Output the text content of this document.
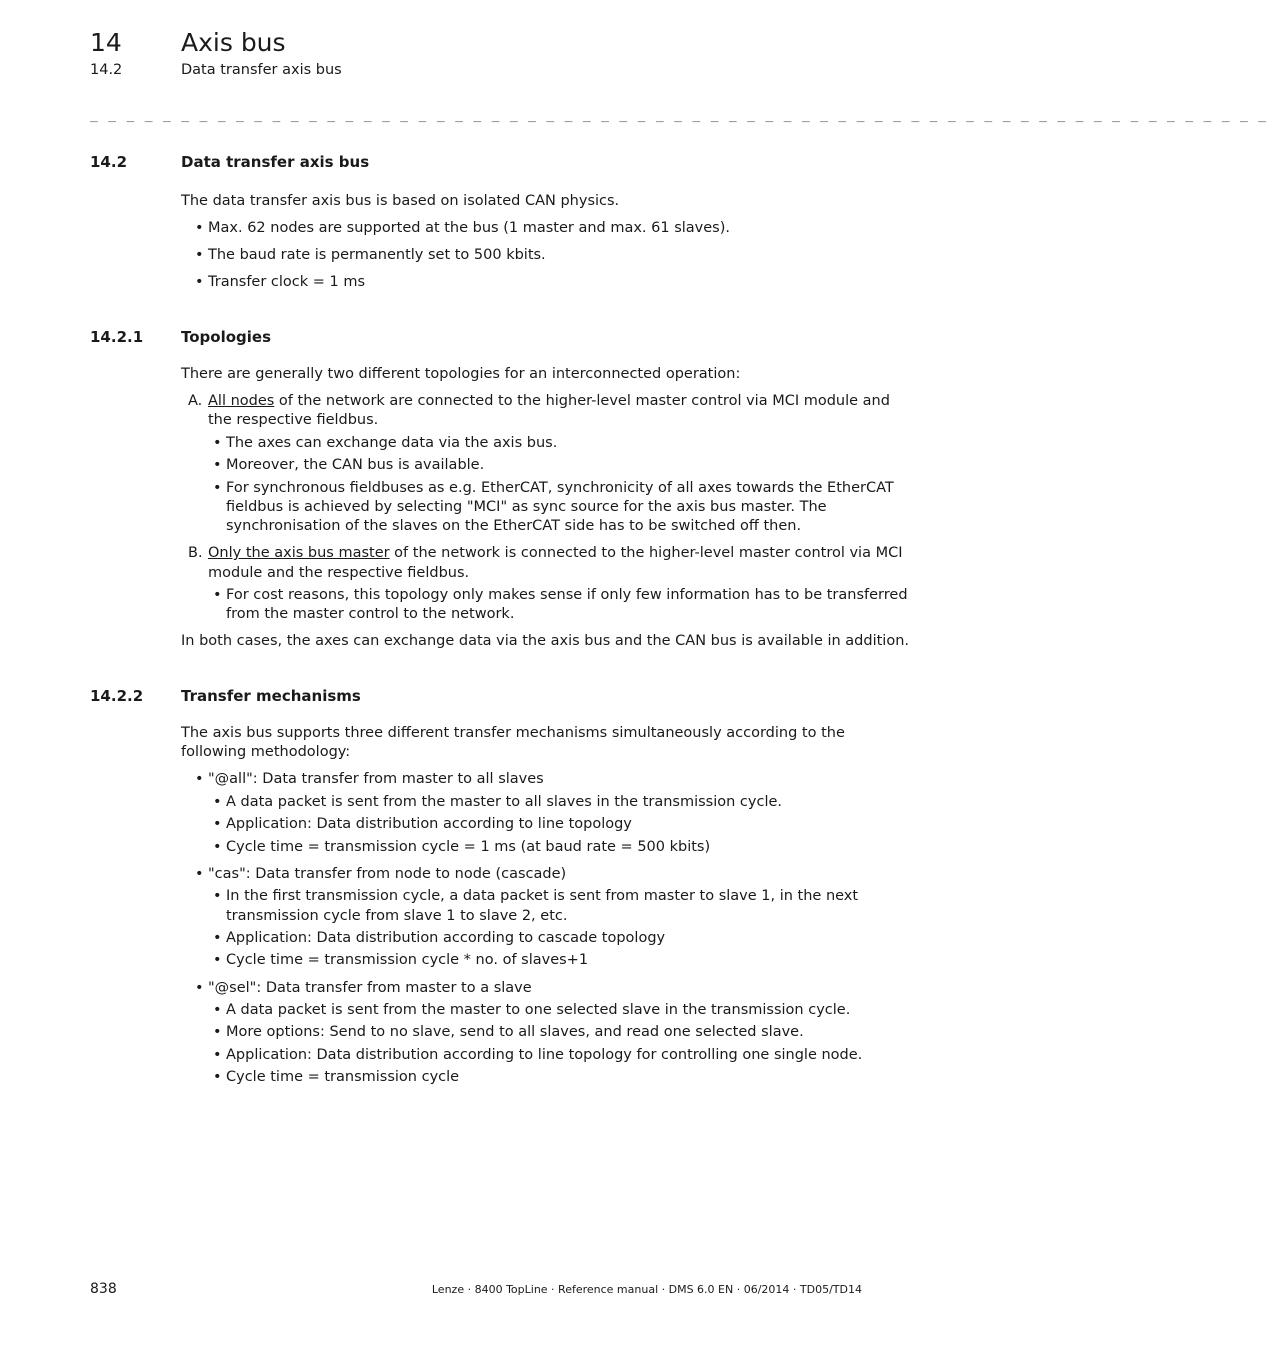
14 Axis bus
14.2	Data transfer axis bus
_ _ _ _ _ _ _ _ _ _ _ _ _ _ _ _ _ _ _ _ _ _ _ _ _ _ _ _ _ _ _ _ _ _ _ _ _ _ _ _ _ _ _ _ _ _ _ _ _ _ _ _ _ _ _ _ _ _ _ _ _ _ _ _ _
14.2	Data transfer axis bus
The data transfer axis bus is based on isolated CAN physics.
• Max. 62 nodes are supported at the bus (1 master and max. 61 slaves).
• The baud rate is permanently set to 500 kbits.
• Transfer clock = 1 ms
14.2.1	Topologies
There are generally two different topologies for an interconnected operation:
A. All nodes of the network are connected to the higher-level master control via MCI module and
the respective fieldbus.
• The axes can exchange data via the axis bus.
• Moreover, the CAN bus is available.
• For synchronous fieldbuses as e.g. EtherCAT, synchronicity of all axes towards the EtherCAT
fieldbus is achieved by selecting "MCI" as sync source for the axis bus master. The
synchronisation of the slaves on the EtherCAT side has to be switched off then.
B. Only the axis bus master of the network is connected to the higher-level master control via MCI
module and the respective fieldbus.
• For cost reasons, this topology only makes sense if only few information has to be transferred
from the master control to the network.
In both cases, the axes can exchange data via the axis bus and the CAN bus is available in addition.
14.2.2	Transfer mechanisms
The axis bus supports three different transfer mechanisms simultaneously according to the
following methodology:
• "@all": Data transfer from master to all slaves
• A data packet is sent from the master to all slaves in the transmission cycle.
• Application: Data distribution according to line topology
• Cycle time = transmission cycle = 1 ms (at baud rate = 500 kbits)
• "cas": Data transfer from node to node (cascade)
• In the first transmission cycle, a data packet is sent from master to slave 1, in the next
transmission cycle from slave 1 to slave 2, etc.
• Application: Data distribution according to cascade topology
• Cycle time = transmission cycle * no. of slaves+1
• "@sel": Data transfer from master to a slave
• A data packet is sent from the master to one selected slave in the transmission cycle.
• More options: Send to no slave, send to all slaves, and read one selected slave.
• Application: Data distribution according to line topology for controlling one single node.
• Cycle time = transmission cycle
838	Lenze · 8400 TopLine · Reference manual · DMS 6.0 EN · 06/2014 · TD05/TD14
